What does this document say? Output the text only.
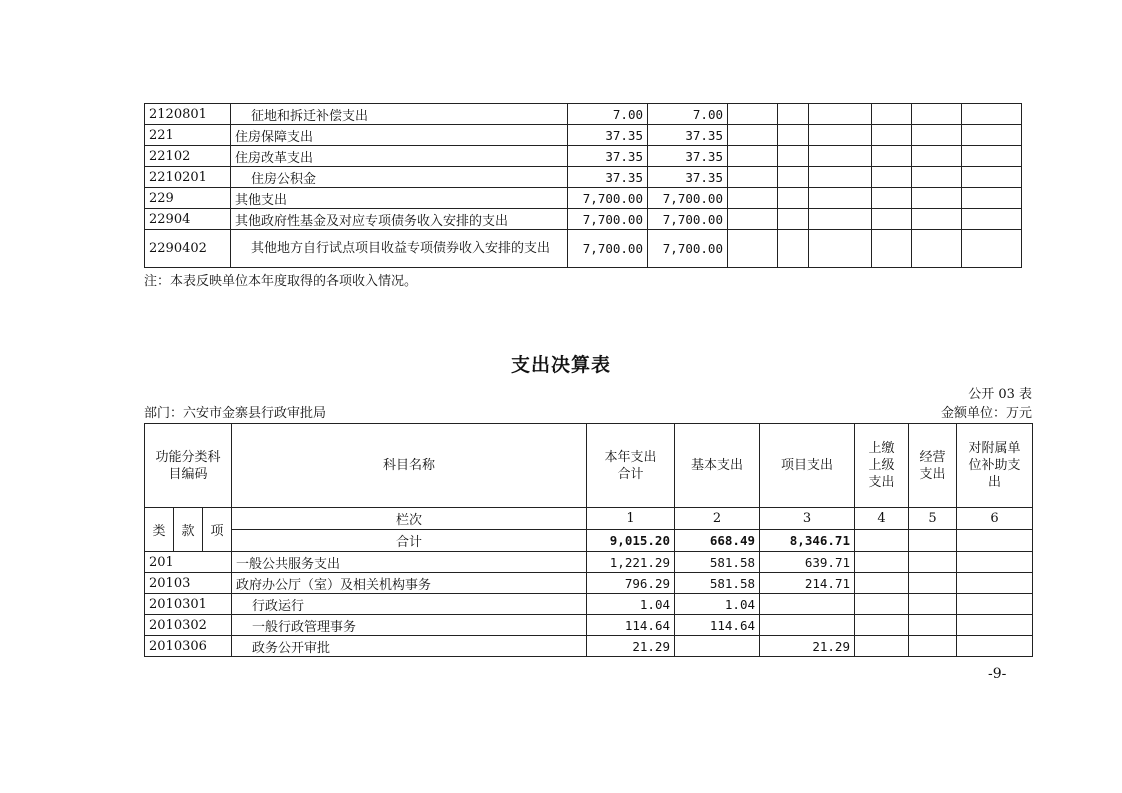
2120801	征地和拆迁补偿支出	7.00	7.00						
221	住房保障支出	37.35	37.35						
22102	住房改革支出	37.35	37.35						
2210201	住房公积金	37.35	37.35						
229	其他支出	7,700.00	7,700.00						
22904	其他政府性基金及对应专项债务收入安排的支出	7,700.00	7,700.00						
2290402	其他地方自行试点项目收益专项债券收入安排的支出	7,700.00	7,700.00						
注：本表反映单位本年度取得的各项收入情况。
支出决算表
公开 03 表
部门：六安市金寨县行政审批局	金额单位：万元
功能分类科目编码			科目名称	本年支出合计	基本支出	项目支出	上缴上级支出	经营支出	对附属单位补助支出
类	款	项	栏次	1	2	3	4	5	6
			合计	9,015.20	668.49	8,346.71			
201			一般公共服务支出	1,221.29	581.58	639.71			
20103			政府办公厅（室）及相关机构事务	796.29	581.58	214.71			
2010301			行政运行	1.04	1.04				
2010302			一般行政管理事务	114.64	114.64				
2010306			政务公开审批	21.29		21.29			
-9-
